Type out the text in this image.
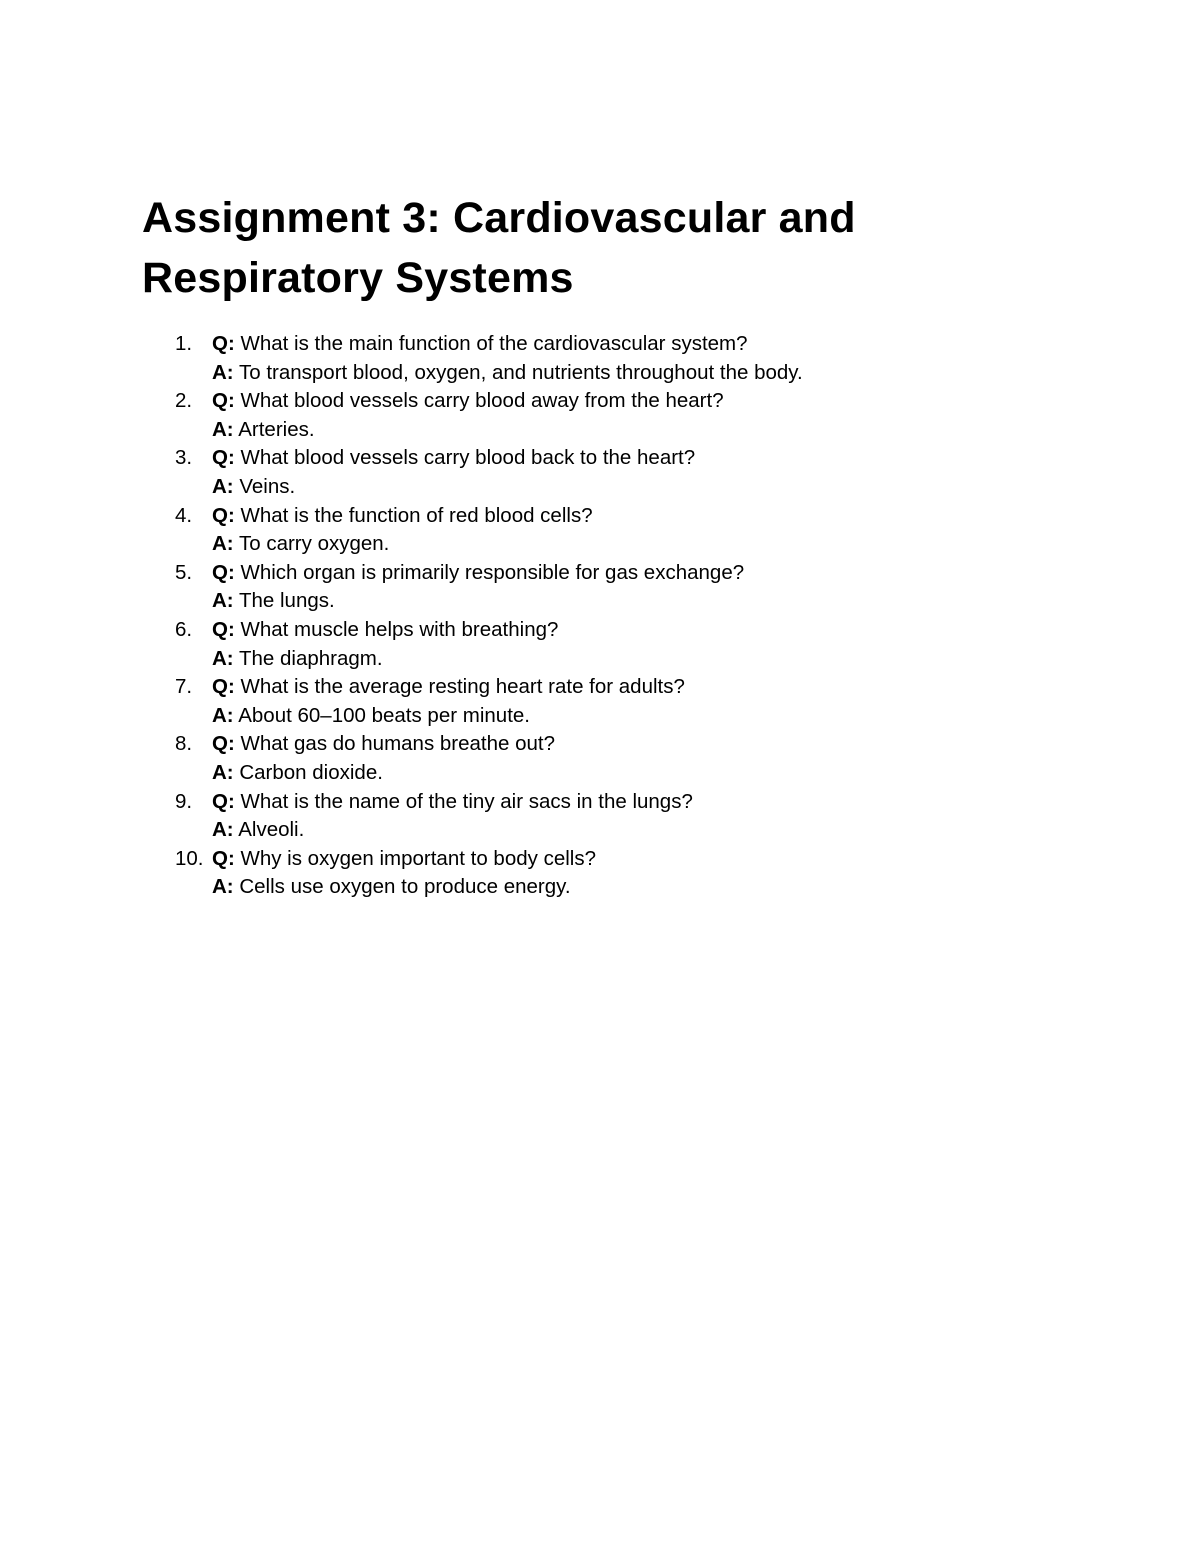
Assignment 3: Cardiovascular and Respiratory Systems
1. Q: What is the main function of the cardiovascular system?
A: To transport blood, oxygen, and nutrients throughout the body.
2. Q: What blood vessels carry blood away from the heart?
A: Arteries.
3. Q: What blood vessels carry blood back to the heart?
A: Veins.
4. Q: What is the function of red blood cells?
A: To carry oxygen.
5. Q: Which organ is primarily responsible for gas exchange?
A: The lungs.
6. Q: What muscle helps with breathing?
A: The diaphragm.
7. Q: What is the average resting heart rate for adults?
A: About 60–100 beats per minute.
8. Q: What gas do humans breathe out?
A: Carbon dioxide.
9. Q: What is the name of the tiny air sacs in the lungs?
A: Alveoli.
10. Q: Why is oxygen important to body cells?
A: Cells use oxygen to produce energy.
